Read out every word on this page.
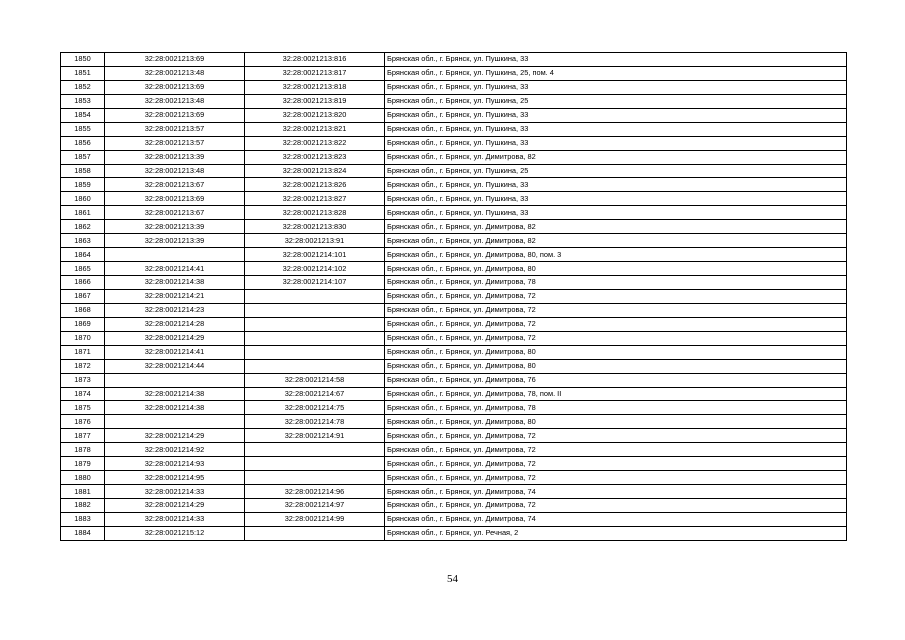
1850	32:28:0021213:69	32:28:0021213:816	Брянская обл., г. Брянск, ул. Пушкина, 33
1851	32:28:0021213:48	32:28:0021213:817	Брянская обл., г. Брянск, ул. Пушкина, 25, пом. 4
1852	32:28:0021213:69	32:28:0021213:818	Брянская обл., г. Брянск, ул. Пушкина, 33
1853	32:28:0021213:48	32:28:0021213:819	Брянская обл., г. Брянск, ул. Пушкина, 25
1854	32:28:0021213:69	32:28:0021213:820	Брянская обл., г. Брянск, ул. Пушкина, 33
1855	32:28:0021213:57	32:28:0021213:821	Брянская обл., г. Брянск, ул. Пушкина, 33
1856	32:28:0021213:57	32:28:0021213:822	Брянская обл., г. Брянск, ул. Пушкина, 33
1857	32:28:0021213:39	32:28:0021213:823	Брянская обл., г. Брянск, ул. Димитрова, 82
1858	32:28:0021213:48	32:28:0021213:824	Брянская обл., г. Брянск, ул. Пушкина, 25
1859	32:28:0021213:67	32:28:0021213:826	Брянская обл., г. Брянск, ул. Пушкина, 33
1860	32:28:0021213:69	32:28:0021213:827	Брянская обл., г. Брянск, ул. Пушкина, 33
1861	32:28:0021213:67	32:28:0021213:828	Брянская обл., г. Брянск, ул. Пушкина, 33
1862	32:28:0021213:39	32:28:0021213:830	Брянская обл., г. Брянск, ул. Димитрова, 82
1863	32:28:0021213:39	32:28:0021213:91	Брянская обл., г. Брянск, ул. Димитрова, 82
1864		32:28:0021214:101	Брянская обл., г. Брянск, ул. Димитрова, 80, пом. 3
1865	32:28:0021214:41	32:28:0021214:102	Брянская обл., г. Брянск, ул. Димитрова, 80
1866	32:28:0021214:38	32:28:0021214:107	Брянская обл., г. Брянск, ул. Димитрова, 78
1867	32:28:0021214:21		Брянская обл., г. Брянск, ул. Димитрова, 72
1868	32:28:0021214:23		Брянская обл., г. Брянск, ул. Димитрова, 72
1869	32:28:0021214:28		Брянская обл., г. Брянск, ул. Димитрова, 72
1870	32:28:0021214:29		Брянская обл., г. Брянск, ул. Димитрова, 72
1871	32:28:0021214:41		Брянская обл., г. Брянск, ул. Димитрова, 80
1872	32:28:0021214:44		Брянская обл., г. Брянск, ул. Димитрова, 80
1873		32:28:0021214:58	Брянская обл., г. Брянск, ул. Димитрова, 76
1874	32:28:0021214:38	32:28:0021214:67	Брянская обл., г. Брянск, ул. Димитрова, 78, пом. II
1875	32:28:0021214:38	32:28:0021214:75	Брянская обл., г. Брянск, ул. Димитрова, 78
1876		32:28:0021214:78	Брянская обл., г. Брянск, ул. Димитрова, 80
1877	32:28:0021214:29	32:28:0021214:91	Брянская обл., г. Брянск, ул. Димитрова, 72
1878	32:28:0021214:92		Брянская обл., г. Брянск, ул. Димитрова, 72
1879	32:28:0021214:93		Брянская обл., г. Брянск, ул. Димитрова, 72
1880	32:28:0021214:95		Брянская обл., г. Брянск, ул. Димитрова, 72
1881	32:28:0021214:33	32:28:0021214:96	Брянская обл., г. Брянск, ул. Димитрова, 74
1882	32:28:0021214:29	32:28:0021214:97	Брянская обл., г. Брянск, ул. Димитрова, 72
1883	32:28:0021214:33	32:28:0021214:99	Брянская обл., г. Брянск, ул. Димитрова, 74
1884	32:28:0021215:12		Брянская обл., г. Брянск, ул. Речная, 2
54
